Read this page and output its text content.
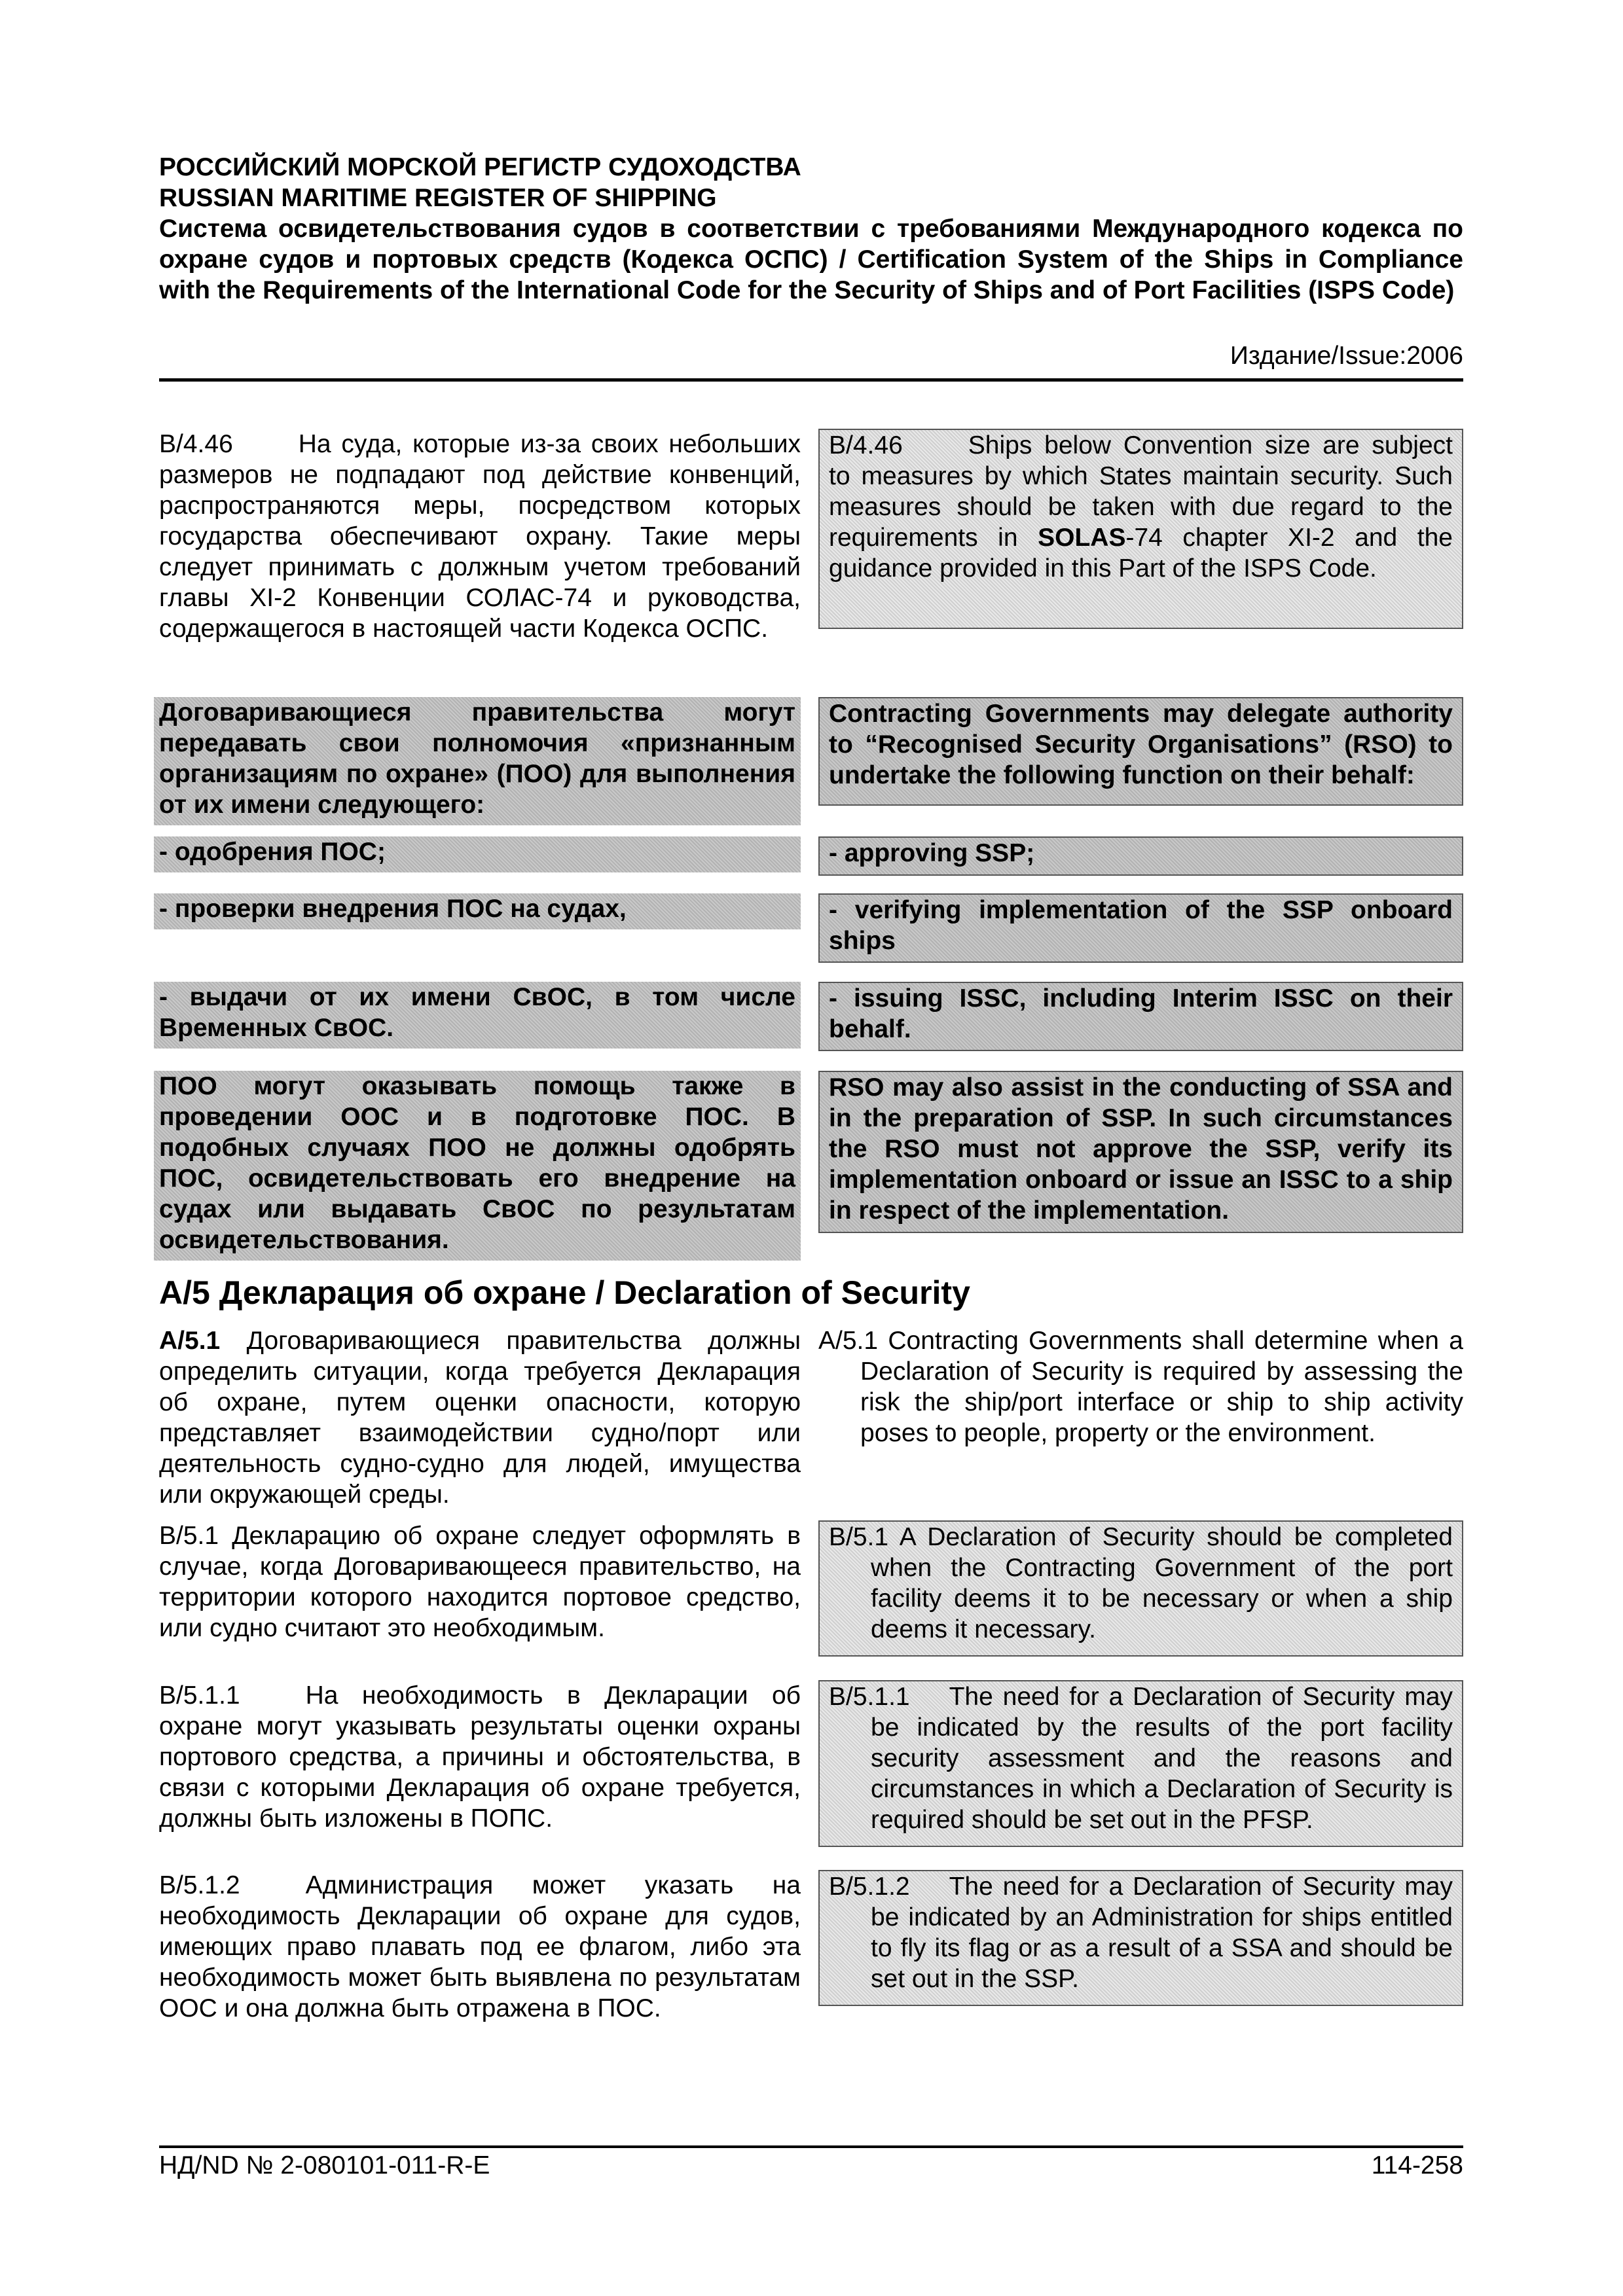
РОССИЙСКИЙ МОРСКОЙ РЕГИСТР СУДОХОДСТВА
RUSSIAN MARITIME REGISTER OF SHIPPING

Система освидетельствования судов в соответствии с требованиями Международного кодекса по охране судов и портовых средств (Кодекса ОСПС) / Certification System of the Ships in Compliance with the Requirements of the International Code for the Security of Ships and of Port Facilities (ISPS Code)

Издание/Issue:2006

B/4.46	На суда, которые из-за своих небольших размеров не подпадают под действие конвенций, распространяются меры, посредством которых государства обеспечивают охрану. Такие меры следует принимать с должным учетом требований главы XI-2 Конвенции СОЛАС-74 и руководства, содержащегося в настоящей части Кодекса ОСПС.

B/4.46	Ships below Convention size are subject to measures by which States maintain security. Such measures should be taken with due regard to the requirements in SOLAS-74 chapter XI-2 and the guidance provided in this Part of the ISPS Code.
Договаривающиеся правительства могут передавать свои полномочия «признанным организациям по охране» (ПОО) для выполнения от их имени следующего:
Contracting Governments may delegate authority to “Recognised Security Organisations” (RSO) to undertake the following function on their behalf:
- одобрения ПОС;	- approving SSP;
- проверки внедрения ПОС на судах,	- verifying implementation of the SSP onboard ships
- выдачи от их имени СвОС, в том числе Временных СвОС.
- issuing ISSC, including Interim ISSC on their behalf.
ПОО могут оказывать помощь также в проведении ООС и в подготовке ПОС. В подобных случаях ПОО не должны одобрять ПОС, освидетельствовать его внедрение на судах или выдавать СвОС по результатам освидетельствования.
RSO may also assist in the conducting of SSA and in the preparation of SSP. In such circumstances the RSO must not approve the SSP, verify its implementation onboard or issue an ISSC to a ship in respect of the implementation.
A/5 Декларация об охране / Declaration of Security

A/5.1 Договаривающиеся правительства должны определить ситуации, когда требуется Декларация об охране, путем оценки опасности, которую представляет взаимодействии судно/порт или деятельность судно-судно для людей, имущества или окружающей среды.

A/5.1 Contracting Governments shall determine when a Declaration of Security is required by assessing the risk the ship/port interface or ship to ship activity poses to people, property or the environment.

B/5.1 Декларацию об охране следует оформлять в случае, когда Договаривающееся правительство, на территории которого находится портовое средство, или судно считают это необходимым.

B/5.1 A Declaration of Security should be completed when the Contracting Government of the port facility deems it to be necessary or when a ship deems it necessary.

B/5.1.1	На необходимость в Декларации об охране могут указывать результаты оценки охраны портового средства, а причины и обстоятельства, в связи с которыми Декларация об охране требуется, должны быть изложены в ПОПС.

B/5.1.1 The need for a Declaration of Security may be indicated by the results of the port facility security assessment and the reasons and circumstances in which a Declaration of Security is required should be set out in the PFSP.

B/5.1.2	Администрация может указать на необходимость Декларации об охране для судов, имеющих право плавать под ее флагом, либо эта необходимость может быть выявлена по результатам ООС и она должна быть отражена в ПОС.

B/5.1.2 The need for a Declaration of Security may be indicated by an Administration for ships entitled to fly its flag or as a result of a SSA and should be set out in the SSP.
НД/ND № 2-080101-011-R-E	114-258
